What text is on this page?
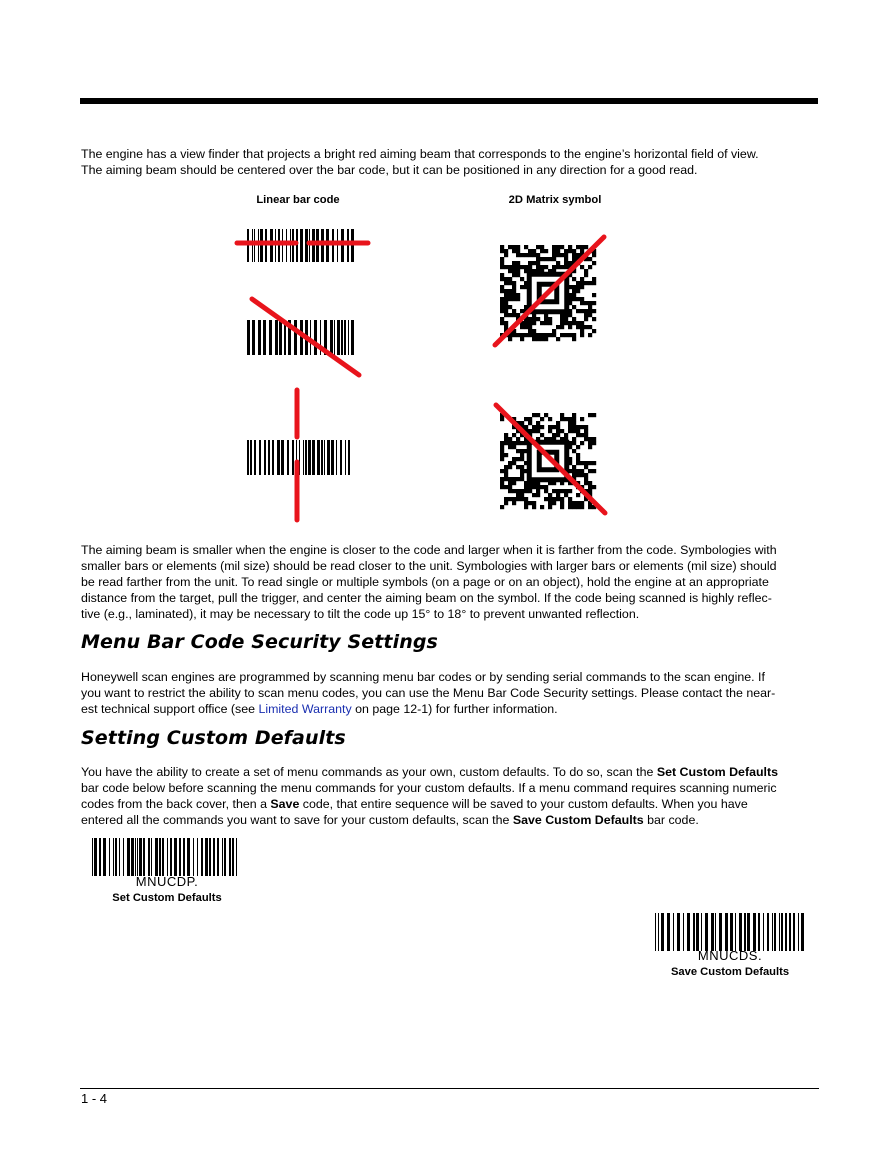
The engine has a view finder that projects a bright red aiming beam that corresponds to the engine’s horizontal field of view.
The aiming beam should be centered over the bar code, but it can be positioned in any direction for a good read.

Linear bar code	2D Matrix symbol

The aiming beam is smaller when the engine is closer to the code and larger when it is farther from the code. Symbologies with
smaller bars or elements (mil size) should be read closer to the unit. Symbologies with larger bars or elements (mil size) should
be read farther from the unit. To read single or multiple symbols (on a page or on an object), hold the engine at an appropriate
distance from the target, pull the trigger, and center the aiming beam on the symbol. If the code being scanned is highly reflec-
tive (e.g., laminated), it may be necessary to tilt the code up 15° to 18° to prevent unwanted reflection.

Menu Bar Code Security Settings

Honeywell scan engines are programmed by scanning menu bar codes or by sending serial commands to the scan engine. If
you want to restrict the ability to scan menu codes, you can use the Menu Bar Code Security settings. Please contact the near-
est technical support office (see Limited Warranty on page 12-1) for further information.

Setting Custom Defaults

You have the ability to create a set of menu commands as your own, custom defaults. To do so, scan the Set Custom Defaults
bar code below before scanning the menu commands for your custom defaults. If a menu command requires scanning numeric
codes from the back cover, then a Save code, that entire sequence will be saved to your custom defaults. When you have
entered all the commands you want to save for your custom defaults, scan the Save Custom Defaults bar code.

MNUCDP.
Set Custom Defaults
MNUCDS.
Save Custom Defaults
1 - 4
